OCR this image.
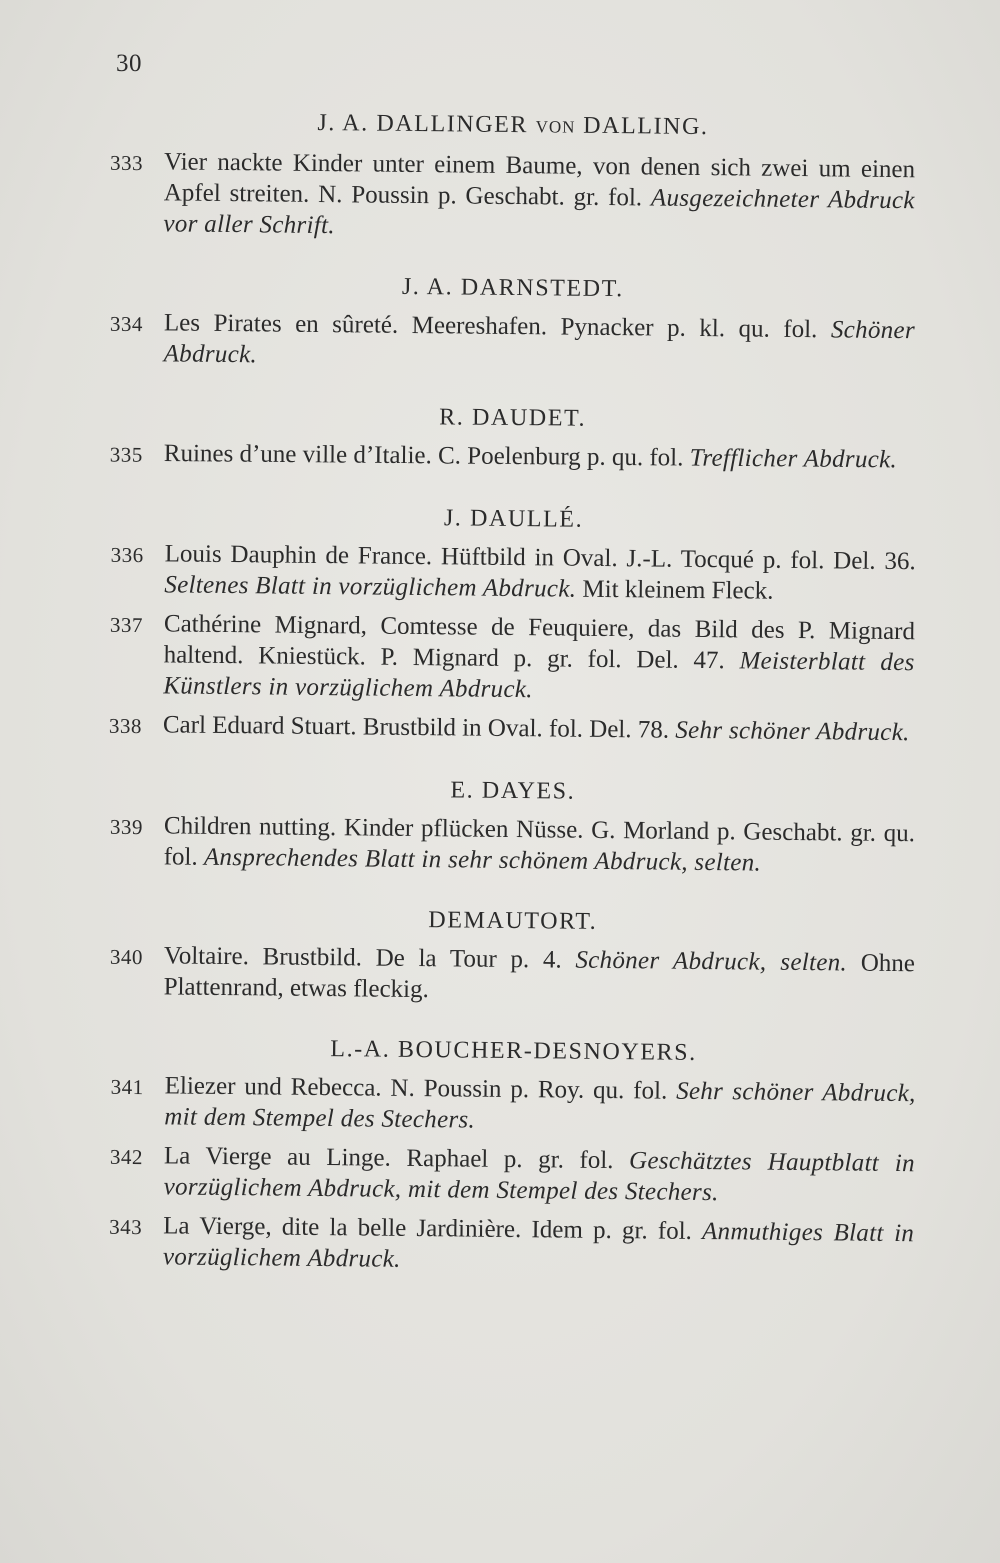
30
J. A. DALLINGER VON DALLING.
333 Vier nackte Kinder unter einem Baume, von denen sich zwei um einen Apfel streiten. N. Poussin p. Geschabt. gr. fol. Ausgezeichneter Abdruck vor aller Schrift.
J. A. DARNSTEDT.
334 Les Pirates en sûreté. Meereshafen. Pynacker p. kl. qu. fol. Schöner Abdruck.
R. DAUDET.
335 Ruines d’une ville d’Italie. C. Poelenburg p. qu. fol. Trefflicher Abdruck.
J. DAULLÉ.
336 Louis Dauphin de France. Hüftbild in Oval. J.-L. Tocqué p. fol. Del. 36. Seltenes Blatt in vorzüglichem Abdruck. Mit kleinem Fleck.
337 Cathérine Mignard, Comtesse de Feuquiere, das Bild des P. Mignard haltend. Kniestück. P. Mignard p. gr. fol. Del. 47. Meisterblatt des Künstlers in vorzüglichem Abdruck.
338 Carl Eduard Stuart. Brustbild in Oval. fol. Del. 78. Sehr schöner Abdruck.
E. DAYES.
339 Children nutting. Kinder pflücken Nüsse. G. Morland p. Geschabt. gr. qu. fol. Ansprechendes Blatt in sehr schönem Abdruck, selten.
DEMAUTORT.
340 Voltaire. Brustbild. De la Tour p. 4. Schöner Abdruck, selten. Ohne Plattenrand, etwas fleckig.
L.-A. BOUCHER-DESNOYERS.
341 Eliezer und Rebecca. N. Poussin p. Roy. qu. fol. Sehr schöner Abdruck, mit dem Stempel des Stechers.
342 La Vierge au Linge. Raphael p. gr. fol. Geschätztes Hauptblatt in vorzüglichem Abdruck, mit dem Stempel des Stechers.
343 La Vierge, dite la belle Jardinière. Idem p. gr. fol. Anmuthiges Blatt in vorzüglichem Abdruck.
